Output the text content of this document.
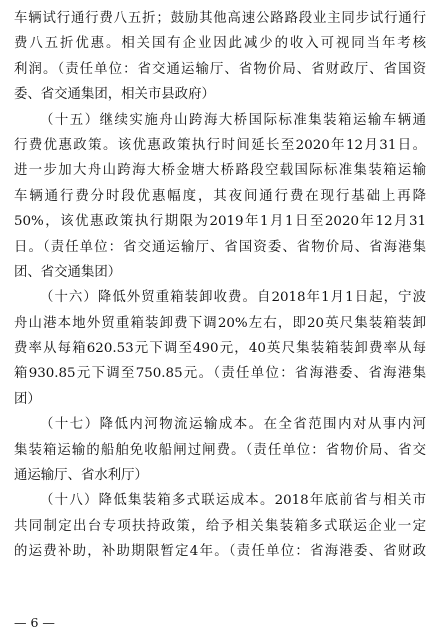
车辆试行通行费八五折；鼓励其他高速公路路段业主同步试行通行
费八五折优惠。相关国有企业因此减少的收入可视同当年考核
利润。（责任单位：省交通运输厅、省物价局、省财政厅、省国资
委、省交通集团，相关市县政府）
（十五）继续实施舟山跨海大桥国际标准集装箱运输车辆通
行费优惠政策。该优惠政策执行时间延长至2020年12月31日。
进一步加大舟山跨海大桥金塘大桥路段空载国际标准集装箱运输
车辆通行费分时段优惠幅度，其夜间通行费在现行基础上再降
50%，该优惠政策执行期限为2019年1月1日至2020年12月31
日。（责任单位：省交通运输厅、省国资委、省物价局、省海港集
团、省交通集团）
（十六）降低外贸重箱装卸收费。自2018年1月1日起，宁波
舟山港本地外贸重箱装卸费下调20%左右，即20英尺集装箱装卸
费率从每箱620.53元下调至490元，40英尺集装箱装卸费率从每
箱930.85元下调至750.85元。（责任单位：省海港委、省海港集
团）
（十七）降低内河物流运输成本。在全省范围内对从事内河
集装箱运输的船舶免收船闸过闸费。（责任单位：省物价局、省交
通运输厅、省水利厅）
（十八）降低集装箱多式联运成本。2018年底前省与相关市
共同制定出台专项扶持政策，给予相关集装箱多式联运企业一定
的运费补助，补助期限暂定4年。（责任单位：省海港委、省财政
— 6 —
